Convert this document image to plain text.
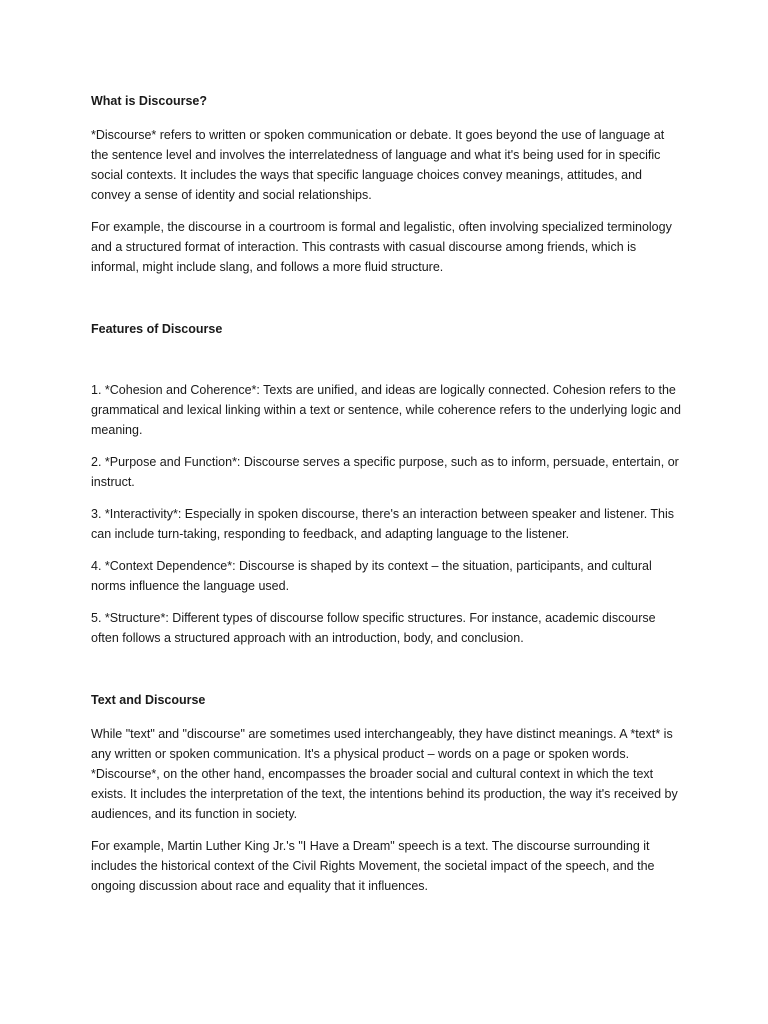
What is Discourse?

*Discourse* refers to written or spoken communication or debate. It goes beyond the use of language at the sentence level and involves the interrelatedness of language and what it's being used for in specific social contexts. It includes the ways that specific language choices convey meanings, attitudes, and convey a sense of identity and social relationships.

For example, the discourse in a courtroom is formal and legalistic, often involving specialized terminology and a structured format of interaction. This contrasts with casual discourse among friends, which is informal, might include slang, and follows a more fluid structure.

Features of Discourse

1. *Cohesion and Coherence*: Texts are unified, and ideas are logically connected. Cohesion refers to the grammatical and lexical linking within a text or sentence, while coherence refers to the underlying logic and meaning.

2. *Purpose and Function*: Discourse serves a specific purpose, such as to inform, persuade, entertain, or instruct.

3. *Interactivity*: Especially in spoken discourse, there's an interaction between speaker and listener. This can include turn-taking, responding to feedback, and adapting language to the listener.

4. *Context Dependence*: Discourse is shaped by its context – the situation, participants, and cultural norms influence the language used.

5. *Structure*: Different types of discourse follow specific structures. For instance, academic discourse often follows a structured approach with an introduction, body, and conclusion.

Text and Discourse

While "text" and "discourse" are sometimes used interchangeably, they have distinct meanings. A *text* is any written or spoken communication. It's a physical product – words on a page or spoken words. *Discourse*, on the other hand, encompasses the broader social and cultural context in which the text exists. It includes the interpretation of the text, the intentions behind its production, the way it's received by audiences, and its function in society.

For example, Martin Luther King Jr.'s "I Have a Dream" speech is a text. The discourse surrounding it includes the historical context of the Civil Rights Movement, the societal impact of the speech, and the ongoing discussion about race and equality that it influences.
